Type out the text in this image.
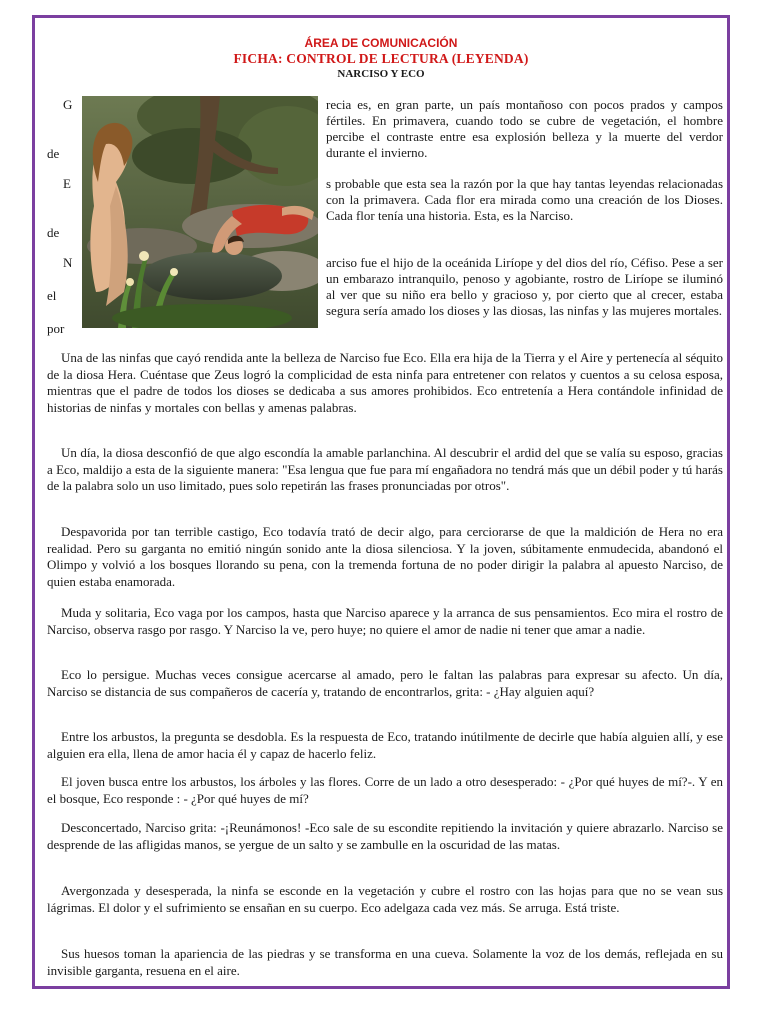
ÁREA DE COMUNICACIÓN
FICHA: CONTROL DE LECTURA (LEYENDA)
NARCISO Y ECO
G
de
recia es, en gran parte, un país montañoso con pocos prados y campos fértiles. En primavera, cuando todo se cubre de vegetación, el hombre percibe el contraste entre esa explosión belleza y la muerte del verdor durante el invierno.
E
de
s probable que esta sea la razón por la que hay tantas leyendas relacionadas con la primavera. Cada flor era mirada como una creación de los Dioses. Cada flor tenía una historia. Esta, es la Narciso.
N
el
por
arciso fue el hijo de la oceánida Liríope y del dios del río, Céfiso. Pese a ser un embarazo intranquilo, penoso y agobiante, rostro de Liríope se iluminó al ver que su niño era bello y gracioso y, por cierto que al crecer, estaba segura sería amado los dioses y las diosas, las ninfas y las mujeres mortales.

Una de las ninfas que cayó rendida ante la belleza de Narciso fue Eco. Ella era hija de la Tierra y el Aire y pertenecía al séquito de la diosa Hera. Cuéntase que Zeus logró la complicidad de esta ninfa para entretener con relatos y cuentos a su celosa esposa, mientras que el padre de todos los dioses se dedicaba a sus amores prohibidos. Eco entretenía a Hera contándole infinidad de historias de ninfas y mortales con bellas y amenas palabras.

Un día, la diosa desconfió de que algo escondía la amable parlanchina. Al descubrir el ardid del que se valía su esposo, gracias a Eco, maldijo a esta de la siguiente manera: "Esa lengua que fue para mí engañadora no tendrá más que un débil poder y tú harás de la palabra solo un uso limitado, pues solo repetirán las frases pronunciadas por otros".

Despavorida por tan terrible castigo, Eco todavía trató de decir algo, para cerciorarse de que la maldición de Hera no era realidad. Pero su garganta no emitió ningún sonido ante la diosa silenciosa. Y la joven, súbitamente enmudecida, abandonó el Olimpo y volvió a los bosques llorando su pena, con la tremenda fortuna de no poder dirigir la palabra al apuesto Narciso, de quien estaba enamorada.

Muda y solitaria, Eco vaga por los campos, hasta que Narciso aparece y la arranca de sus pensamientos. Eco mira el rostro de Narciso, observa rasgo por rasgo. Y Narciso la ve, pero huye; no quiere el amor de nadie ni tener que amar a nadie.

Eco lo persigue. Muchas veces consigue acercarse al amado, pero le faltan las palabras para expresar su afecto. Un día, Narciso se distancia de sus compañeros de cacería y, tratando de encontrarlos, grita: - ¿Hay alguien aquí?

Entre los arbustos, la pregunta se desdobla. Es la respuesta de Eco, tratando inútilmente de decirle que había alguien allí, y ese alguien era ella, llena de amor hacia él y capaz de hacerlo feliz.

El joven busca entre los arbustos, los árboles y las flores. Corre de un lado a otro desesperado: - ¿Por qué huyes de mí?-. Y en el bosque, Eco responde : - ¿Por qué huyes de mí?

Desconcertado, Narciso grita: -¡Reunámonos! -Eco sale de su escondite repitiendo la invitación y quiere abrazarlo. Narciso se desprende de las afligidas manos, se yergue de un salto y se zambulle en la oscuridad de las matas.

Avergonzada y desesperada, la ninfa se esconde en la vegetación y cubre el rostro con las hojas para que no se vean sus lágrimas. El dolor y el sufrimiento se ensañan en su cuerpo. Eco adelgaza cada vez más. Se arruga. Está triste.

Sus huesos toman la apariencia de las piedras y se transforma en una cueva. Solamente la voz de los demás, reflejada en su invisible garganta, resuena en el aire.
